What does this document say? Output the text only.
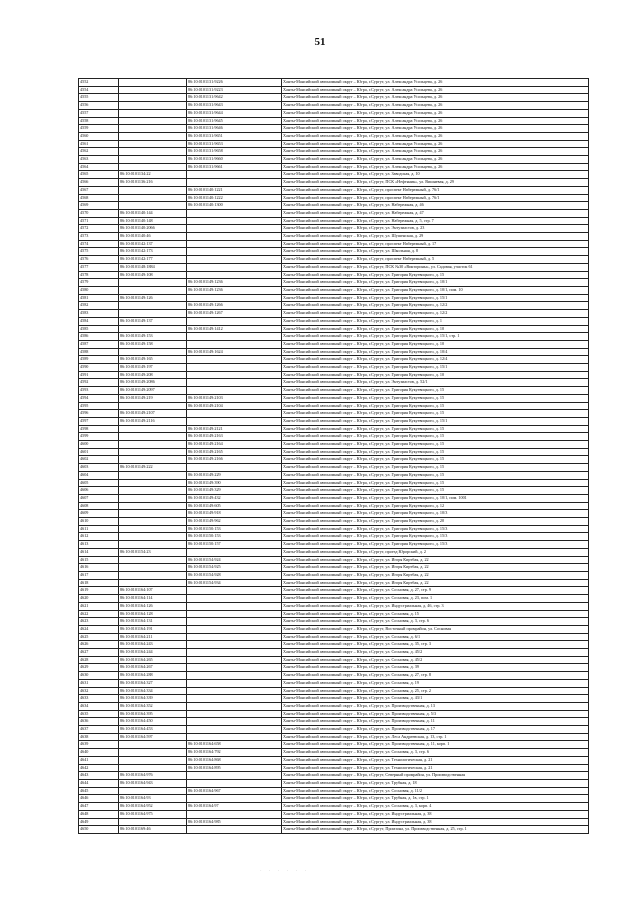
51
4552		86:10:0101131:9226	Ханты-Мансийский автономный округ – Югра, г.Сургут, ул. Александра Усольцева, д. 26
4554		86:10:0101131:9223	Ханты-Мансийский автономный округ – Югра, г.Сургут, ул. Александра Усольцева, д. 26
4555		86:10:0101131:9642	Ханты-Мансийский автономный округ – Югра, г.Сургут, ул. Александра Усольцева, д. 26
4556		86:10:0101131:9643	Ханты-Мансийский автономный округ – Югра, г.Сургут, ул. Александра Усольцева, д. 26
4557		86:10:0101131:9644	Ханты-Мансийский автономный округ – Югра, г.Сургут, ул. Александра Усольцева, д. 26
4558		86:10:0101131:9645	Ханты-Мансийский автономный округ – Югра, г.Сургут, ул. Александра Усольцева, д. 26
4559		86:10:0101131:9646	Ханты-Мансийский автономный округ – Югра, г.Сургут, ул. Александра Усольцева, д. 26
4560		86:10:0101131:9651	Ханты-Мансийский автономный округ – Югра, г.Сургут, ул. Александра Усольцева, д. 26
4561		86:10:0101131:9653	Ханты-Мансийский автономный округ – Югра, г.Сургут, ул. Александра Усольцева, д. 26
4562		86:10:0101131:9658	Ханты-Мансийский автономный округ – Югра, г.Сургут, ул. Александра Усольцева, д. 26
4563		86:10:0101131:9660	Ханты-Мансийский автономный округ – Югра, г.Сургут, ул. Александра Усольцева, д. 26
4564		86:10:0101131:9661	Ханты-Мансийский автономный округ – Югра, г.Сургут, ул. Александра Усольцева, д. 26
4565	86:10:0101134:22		Ханты-Мансийский автономный округ – Югра, г.Сургут, ул. Заводская, д. 10
4566	86:10:0101136:216		Ханты-Мансийский автономный округ – Югра, г.Сургут, ПСК «Нефтяник», ул. Вишневая, д. 29
4567		86:10:0101140:1221	Ханты-Мансийский автономный округ – Югра, г.Сургут, проспект Набережный, д. 76/1
4568		86:10:0101140:1222	Ханты-Мансийский автономный округ – Югра, г.Сургут, проспект Набережный, д. 76/1
4569		86:10:0101140:1300	Ханты-Мансийский автономный округ – Югра, г.Сургут, ул. Набережная, д. 46
4570	86:10:0101140:144		Ханты-Мансийский автономный округ – Югра, г.Сургут, ул. Набережная, д. 47
4571	86:10:0101140:148		Ханты-Мансийский автономный округ – Югра, г.Сургут, ул. Набережная, д. 5, стр. 7
4572	86:10:0101140:2066		Ханты-Мансийский автономный округ – Югра, г.Сургут, ул. Энтузиастов, д. 23
4573	86:10:0101140:46		Ханты-Мансийский автономный округ – Югра, г.Сургут, ул. Шушенская, д. 29
4574	86:10:0101142:137		Ханты-Мансийский автономный округ – Югра, г.Сургут, проспект Набережный, д. 17
4575	86:10:0101142:173		Ханты-Мансийский автономный округ – Югра, г.Сургут, ул. Школьная, д. 8
4576	86:10:0101142:177		Ханты-Мансийский автономный округ – Югра, г.Сургут, проспект Набережный, д. 5
4577	86:10:0101148:1884		Ханты-Мансийский автономный округ – Югра, г.Сургут, ПСК №30 «Викторины», ул. Садовая, участок 61
4578	86:10:0101149:108		Ханты-Мансийский автономный округ – Югра, г.Сургут, ул. Григория Кукуевицкого, д. 15
4579		86:10:0101149:1236	Ханты-Мансийский автономный округ – Югра, г.Сургут, ул. Григория Кукуевицкого, д. 10/1
4580		86:10:0101149:1236	Ханты-Мансийский автономный округ – Югра, г.Сургут, ул. Григория Кукуевицкого, д. 10/1, пом. 10
4581	86:10:0101149:126		Ханты-Мансийский автономный округ – Югра, г.Сургут, ул. Григория Кукуевицкого, д. 15/1
4582		86:10:0101149:1266	Ханты-Мансийский автономный округ – Югра, г.Сургут, ул. Григория Кукуевицкого, д. 12/2
4583		86:10:0101149:1267	Ханты-Мансийский автономный округ – Югра, г.Сургут, ул. Григория Кукуевицкого, д. 12/2
4584	86:10:0101149:137		Ханты-Мансийский автономный округ – Югра, г.Сургут, ул. Григория Кукуевицкого, д. 1
4585		86:10:0101149:1412	Ханты-Мансийский автономный округ – Югра, г.Сургут, ул. Григория Кукуевицкого, д. 10
4586	86:10:0101149:153		Ханты-Мансийский автономный округ – Югра, г.Сургут, ул. Григория Кукуевицкого, д. 15/1, стр. 1
4587	86:10:0101149:158		Ханты-Мансийский автономный округ – Югра, г.Сургут, ул. Григория Кукуевицкого, д. 10
4588		86:10:0101149:1624	Ханты-Мансийский автономный округ – Югра, г.Сургут, ул. Григория Кукуевицкого, д. 10/4
4589	86:10:0101149:165		Ханты-Мансийский автономный округ – Югра, г.Сургут, ул. Григория Кукуевицкого, д. 12/4
4590	86:10:0101149:197		Ханты-Мансийский автономный округ – Югра, г.Сургут, ул. Григория Кукуевицкого, д. 15/1
4591	86:10:0101149:208		Ханты-Мансийский автономный округ – Югра, г.Сургут, ул. Григория Кукуевицкого, д. 10
4592	86:10:0101149:2086		Ханты-Мансийский автономный округ – Югра, г.Сургут, ул. Энтузиастов, д. 52/1
4593	86:10:0101149:2097		Ханты-Мансийский автономный округ – Югра, г.Сургут, ул. Григория Кукуевицкого, д. 15
4594	86:10:0101149:219	86:10:0101149:2103	Ханты-Мансийский автономный округ – Югра, г.Сургут, ул. Григория Кукуевицкого, д. 15
4595		86:10:0101149:2104	Ханты-Мансийский автономный округ – Югра, г.Сургут, ул. Григория Кукуевицкого, д. 15
4596	86:10:0101149:2107		Ханты-Мансийский автономный округ – Югра, г.Сургут, ул. Григория Кукуевицкого, д. 15
4597	86:10:0101149:2116		Ханты-Мансийский автономный округ – Югра, г.Сургут, ул. Григория Кукуевицкого, д. 15/1
4598		86:10:0101149:2121	Ханты-Мансийский автономный округ – Югра, г.Сургут, ул. Григория Кукуевицкого, д. 15
4599		86:10:0101149:2163	Ханты-Мансийский автономный округ – Югра, г.Сургут, ул. Григория Кукуевицкого, д. 15
4600		86:10:0101149:2164	Ханты-Мансийский автономный округ – Югра, г.Сургут, ул. Григория Кукуевицкого, д. 15
4601		86:10:0101149:2165	Ханты-Мансийский автономный округ – Югра, г.Сургут, ул. Григория Кукуевицкого, д. 15
4602		86:10:0101149:2166	Ханты-Мансийский автономный округ – Югра, г.Сургут, ул. Григория Кукуевицкого, д. 15
4603	86:10:0101149:222		Ханты-Мансийский автономный округ – Югра, г.Сургут, ул. Григория Кукуевицкого, д. 15
4604		86:10:0101149:229	Ханты-Мансийский автономный округ – Югра, г.Сургут, ул. Григория Кукуевицкого, д. 15
4605		86:10:0101149:390	Ханты-Мансийский автономный округ – Югра, г.Сургут, ул. Григория Кукуевицкого, д. 15
4606		86:10:0101149:329	Ханты-Мансийский автономный округ – Югра, г.Сургут, ул. Григория Кукуевицкого, д. 15
4607		86:10:0101149:432	Ханты-Мансийский автономный округ – Югра, г.Сургут, ул. Григория Кукуевицкого, д. 10/1, пом. 1001
4608		86:10:0101149:605	Ханты-Мансийский автономный округ – Югра, г.Сургут, ул. Григория Кукуевицкого, д. 12
4609		86:10:0101149:918	Ханты-Мансийский автономный округ – Югра, г.Сургут, ул. Григория Кукуевицкого, д. 10/3
4610		86:10:0101149:962	Ханты-Мансийский автономный округ – Югра, г.Сургут, ул. Григория Кукуевицкого, д. 20
4611		86:10:0101150:153	Ханты-Мансийский автономный округ – Югра, г.Сургут, ул. Григория Кукуевицкого, д. 15/3
4612		86:10:0101150:153	Ханты-Мансийский автономный округ – Югра, г.Сургут, ул. Григория Кукуевицкого, д. 15/3
4613		86:10:0101150:157	Ханты-Мансийский автономный округ – Югра, г.Сургут, ул. Григория Кукуевицкого, д. 15/3
4614	86:10:0101154:23		Ханты-Мансийский автономный округ – Югра, г.Сургут, проезд Юрорский, д. 2
4615		86:10:0101154:924	Ханты-Мансийский автономный округ – Югра, г.Сургут, ул. Игоря Киртбая, д. 22
4616		86:10:0101154:925	Ханты-Мансийский автономный округ – Югра, г.Сургут, ул. Игоря Киртбая, д. 22
4617		86:10:0101154:928	Ханты-Мансийский автономный округ – Югра, г.Сургут, ул. Игоря Киртбая, д. 22
4618		86:10:0101154:934	Ханты-Мансийский автономный округ – Югра, г.Сургут, ул. Игоря Киртбая, д. 22
4619	86:10:0101164:107		Ханты-Мансийский автономный округ – Югра, г.Сургут, ул. Сосновая, д. 27, стр. 9
4620	86:10:0101164:114		Ханты-Мансийский автономный округ – Югра, г.Сургут, ул. Сосновая, д. 23, пом. 1
4621	86:10:0101164:126		Ханты-Мансийский автономный округ – Югра, г.Сургут, ул. Индустриальная, д. 46, стр. 3
4622	86:10:0101164:128		Ханты-Мансийский автономный округ – Югра, г.Сургут, ул. Сосновая, д. 15
4623	86:10:0101164:131		Ханты-Мансийский автономный округ – Югра, г.Сургут, ул. Сосновая, д. 3, стр. 6
4624	86:10:0101164:191		Ханты-Мансийский автономный округ – Югра, г.Сургут, Восточный промрайон, ул. Сосновая
4625	86:10:0101164:211		Ханты-Мансийский автономный округ – Югра, г.Сургут, ул. Сосновая, д. 6/1
4626	86:10:0101164:243		Ханты-Мансийский автономный округ – Югра, г.Сургут, ул. Сосновая, д. 35, стр. 3
4627	86:10:0101164:244		Ханты-Мансийский автономный округ – Югра, г.Сургут, ул. Сосновая, д. 45/2
4628	86:10:0101164:265		Ханты-Мансийский автономный округ – Югра, г.Сургут, ул. Сосновая, д. 45/2
4629	86:10:0101164:267		Ханты-Мансийский автономный округ – Югра, г.Сургут, ул. Сосновая, д. 39
4630	86:10:0101164:288		Ханты-Мансийский автономный округ – Югра, г.Сургут, ул. Сосновая, д. 27, стр. 8
4631	86:10:0101164:327		Ханты-Мансийский автономный округ – Югра, г.Сургут, ул. Сосновая, д. 19
4632	86:10:0101164:334		Ханты-Мансийский автономный округ – Югра, г.Сургут, ул. Сосновая, д. 25, стр. 2
4633	86:10:0101164:339		Ханты-Мансийский автономный округ – Югра, г.Сургут, ул. Сосновая, д. 43/1
4634	86:10:0101164:352		Ханты-Мансийский автономный округ – Югра, г.Сургут, ул. Производственная, д. 13
4635	86:10:0101164:395		Ханты-Мансийский автономный округ – Югра, г.Сургут, ул. Производственная, д. 5/3
4636	86:10:0101164:450		Ханты-Мансийский автономный округ – Югра, г.Сургут, ул. Производственная, д. 11
4637	86:10:0101164:453		Ханты-Мансийский автономный округ – Югра, г.Сургут, ул. Производственная, д. 17
4638	86:10:0101164:597		Ханты-Мансийский автономный округ – Югра, г.Сургут, ул. Леса Андреевская, д. 13, стр. 1
4639		86:10:0101164:658	Ханты-Мансийский автономный округ – Югра, г.Сургут, ул. Производственная, д. 11, корп. 1
4640		86:10:0101164:792	Ханты-Мансийский автономный округ – Югра, г.Сургут, ул. Сосновая, д. 3, стр. 6
4641		86:10:0101164:868	Ханты-Мансийский автономный округ – Югра, г.Сургут, ул. Технологическая, д. 21
4642		86:10:0101164:895	Ханты-Мансийский автономный округ – Югра, г.Сургут, ул. Технологическая, д. 21
4643	86:10:0101164:976		Ханты-Мансийский автономный округ – Югра, г.Сургут, Северный промрайон, ул. Производственная
4644	86:10:0101164:943		Ханты-Мансийский автономный округ – Югра, г.Сургут, ул. Трубная, д. 18
4645		86:10:0101164:967	Ханты-Мансийский автономный округ – Югра, г.Сургут, ул. Сосновая, д. 11/2
4646	86:10:0101164:93		Ханты-Мансийский автономный округ – Югра, г.Сургут, ул. Трубная, д. 1в, стр. 1
4647	86:10:0101164:952	86:10:0101164:97	Ханты-Мансийский автономный округ – Югра, г.Сургут, ул. Сосновая, д. 3, корп. 4
4648	86:10:0101164:975		Ханты-Мансийский автономный округ – Югра, г.Сургут, ул. Индустриальная, д. 38
4649		86:10:0101164:985	Ханты-Мансийский автономный округ – Югра, г.Сургут, ул. Индустриальная, д. 38
4650	86:10:0101169:46		Ханты-Мансийский автономный округ – Югра, г.Сургут, Промзона, ул. Производственная, д. 25, стр. 1
· · · · · ·
